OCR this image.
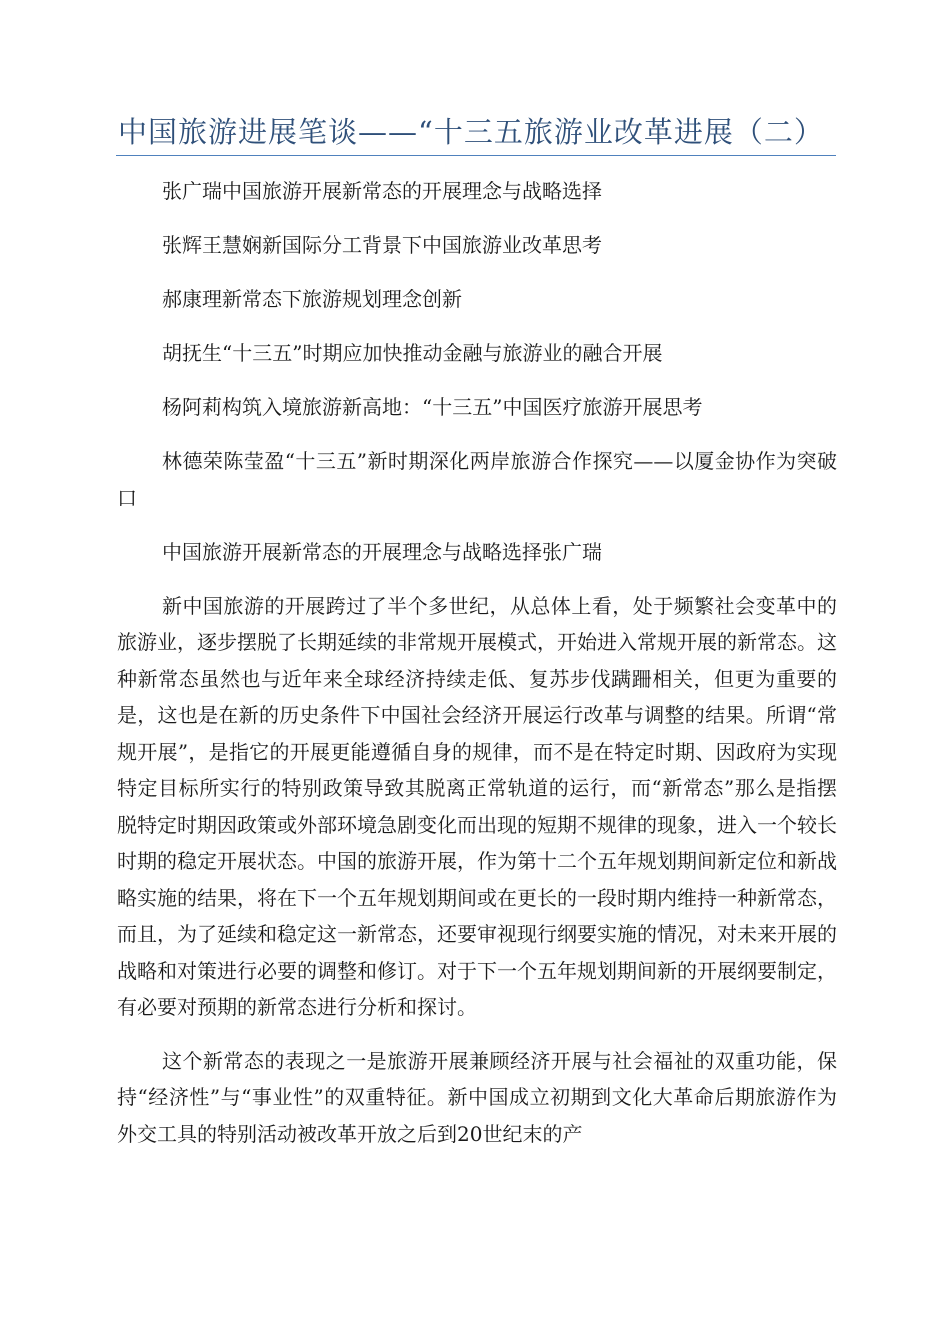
中国旅游进展笔谈——“十三五旅游业改革进展（二）

张广瑞中国旅游开展新常态的开展理念与战略选择

张辉王慧娴新国际分工背景下中国旅游业改革思考

郝康理新常态下旅游规划理念创新

胡抚生“十三五”时期应加快推动金融与旅游业的融合开展

杨阿莉构筑入境旅游新高地：“十三五”中国医疗旅游开展思考

林德荣陈莹盈“十三五”新时期深化两岸旅游合作探究——以厦金协作为突破口

中国旅游开展新常态的开展理念与战略选择张广瑞

新中国旅游的开展跨过了半个多世纪，从总体上看，处于频繁社会变革中的旅游业，逐步摆脱了长期延续的非常规开展模式，开始进入常规开展的新常态。这种新常态虽然也与近年来全球经济持续走低、复苏步伐蹒跚相关，但更为重要的是，这也是在新的历史条件下中国社会经济开展运行改革与调整的结果。所谓“常规开展”，是指它的开展更能遵循自身的规律，而不是在特定时期、因政府为实现特定目标所实行的特别政策导致其脱离正常轨道的运行，而“新常态”那么是指摆脱特定时期因政策或外部环境急剧变化而出现的短期不规律的现象，进入一个较长时期的稳定开展状态。中国的旅游开展，作为第十二个五年规划期间新定位和新战略实施的结果，将在下一个五年规划期间或在更长的一段时期内维持一种新常态，而且，为了延续和稳定这一新常态，还要审视现行纲要实施的情况，对未来开展的战略和对策进行必要的调整和修订。对于下一个五年规划期间新的开展纲要制定，有必要对预期的新常态进行分析和探讨。

这个新常态的表现之一是旅游开展兼顾经济开展与社会福祉的双重功能，保持“经济性”与“事业性”的双重特征。新中国成立初期到文化大革命后期旅游作为外交工具的特别活动被改革开放之后到20世纪末的产
